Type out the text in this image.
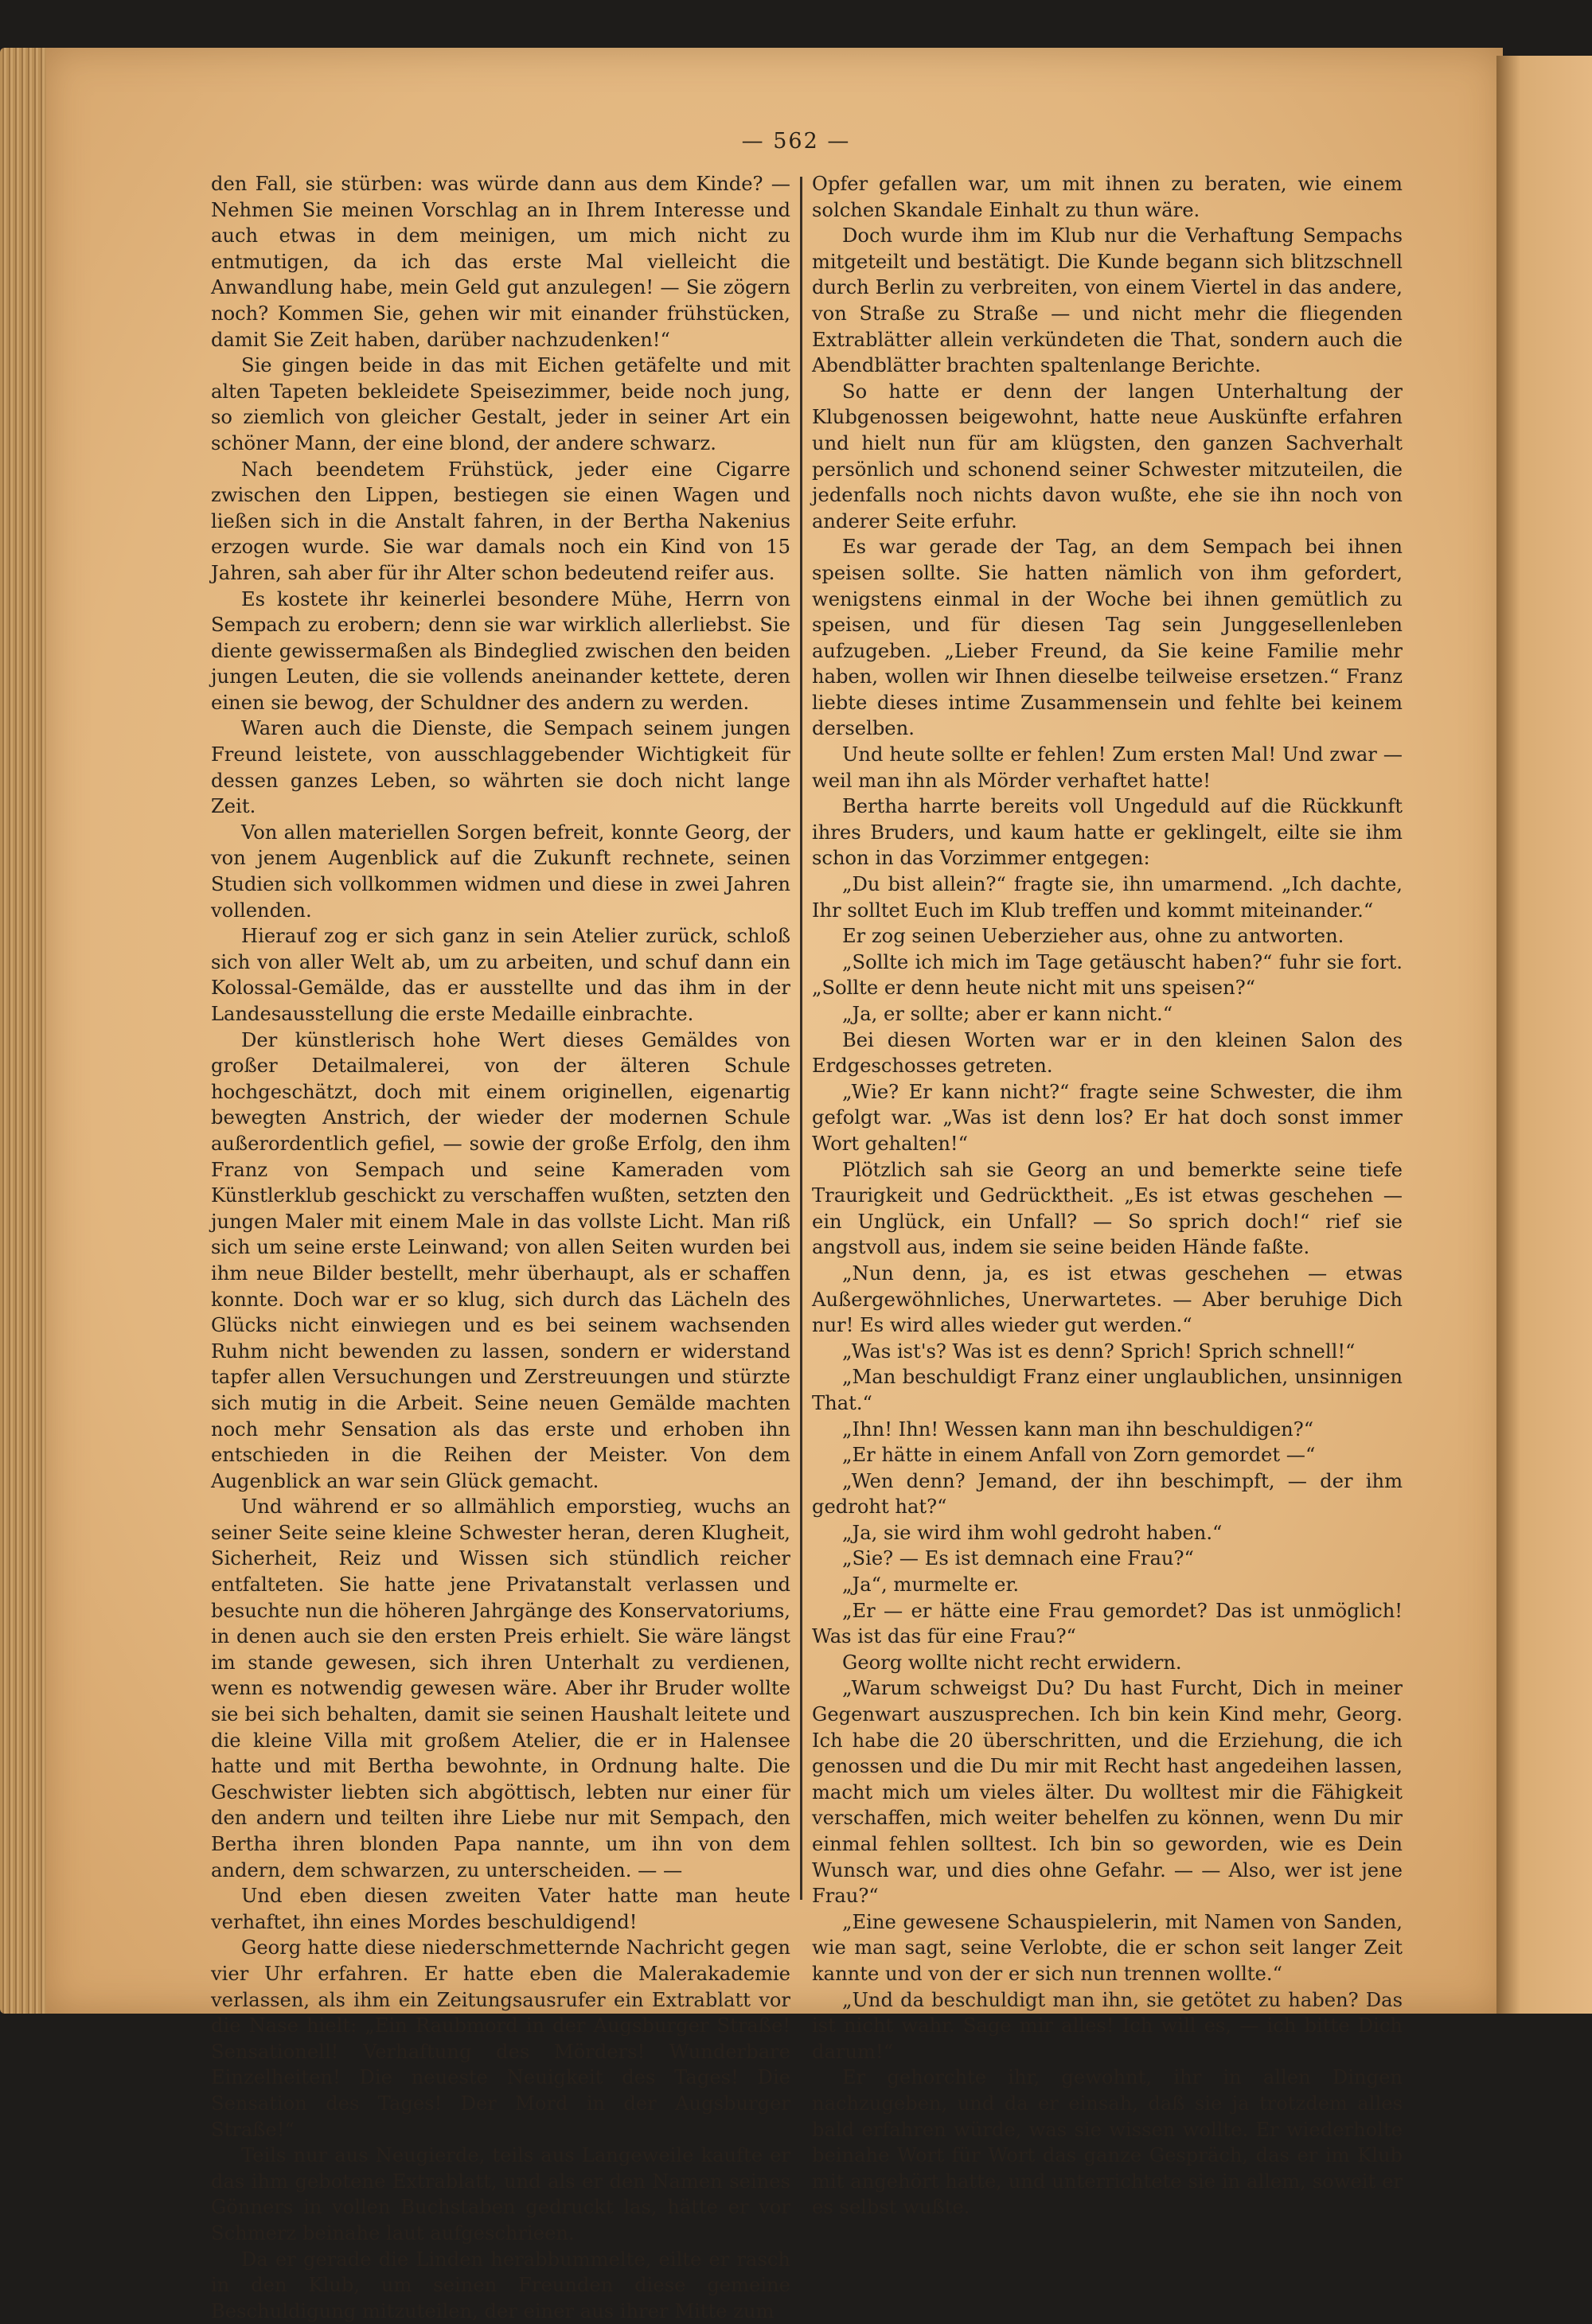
— 562 —

den Fall, sie stürben: was würde dann aus dem Kinde? — Nehmen Sie meinen Vorschlag an in Ihrem Interesse und auch etwas in dem meinigen, um mich nicht zu entmutigen, da ich das erste Mal vielleicht die Anwandlung habe, mein Geld gut anzulegen! — Sie zögern noch? Kommen Sie, gehen wir mit einander frühstücken, damit Sie Zeit haben, darüber nachzudenken!“

Sie gingen beide in das mit Eichen getäfelte und mit alten Tapeten bekleidete Speisezimmer, beide noch jung, so ziemlich von gleicher Gestalt, jeder in seiner Art ein schöner Mann, der eine blond, der andere schwarz.

Nach beendetem Frühstück, jeder eine Cigarre zwischen den Lippen, bestiegen sie einen Wagen und ließen sich in die Anstalt fahren, in der Bertha Nakenius erzogen wurde. Sie war damals noch ein Kind von 15 Jahren, sah aber für ihr Alter schon bedeutend reifer aus.

Es kostete ihr keinerlei besondere Mühe, Herrn von Sempach zu erobern; denn sie war wirklich allerliebst. Sie diente gewissermaßen als Bindeglied zwischen den beiden jungen Leuten, die sie vollends aneinander kettete, deren einen sie bewog, der Schuldner des andern zu werden.

Waren auch die Dienste, die Sempach seinem jungen Freund leistete, von ausschlaggebender Wichtigkeit für dessen ganzes Leben, so währten sie doch nicht lange Zeit.

Von allen materiellen Sorgen befreit, konnte Georg, der von jenem Augenblick auf die Zukunft rechnete, seinen Studien sich vollkommen widmen und diese in zwei Jahren vollenden.

Hierauf zog er sich ganz in sein Atelier zurück, schloß sich von aller Welt ab, um zu arbeiten, und schuf dann ein Kolossal-Gemälde, das er ausstellte und das ihm in der Landesausstellung die erste Medaille einbrachte.

Der künstlerisch hohe Wert dieses Gemäldes von großer Detailmalerei, von der älteren Schule hochgeschätzt, doch mit einem originellen, eigenartig bewegten Anstrich, der wieder der modernen Schule außerordentlich gefiel, — sowie der große Erfolg, den ihm Franz von Sempach und seine Kameraden vom Künstlerklub geschickt zu verschaffen wußten, setzten den jungen Maler mit einem Male in das vollste Licht. Man riß sich um seine erste Leinwand; von allen Seiten wurden bei ihm neue Bilder bestellt, mehr überhaupt, als er schaffen konnte. Doch war er so klug, sich durch das Lächeln des Glücks nicht einwiegen und es bei seinem wachsenden Ruhm nicht bewenden zu lassen, sondern er widerstand tapfer allen Versuchungen und Zerstreuungen und stürzte sich mutig in die Arbeit. Seine neuen Gemälde machten noch mehr Sensation als das erste und erhoben ihn entschieden in die Reihen der Meister. Von dem Augenblick an war sein Glück gemacht.

Und während er so allmählich emporstieg, wuchs an seiner Seite seine kleine Schwester heran, deren Klugheit, Sicherheit, Reiz und Wissen sich stündlich reicher entfalteten. Sie hatte jene Privatanstalt verlassen und besuchte nun die höheren Jahrgänge des Konservatoriums, in denen auch sie den ersten Preis erhielt. Sie wäre längst im stande gewesen, sich ihren Unterhalt zu verdienen, wenn es notwendig gewesen wäre. Aber ihr Bruder wollte sie bei sich behalten, damit sie seinen Haushalt leitete und die kleine Villa mit großem Atelier, die er in Halensee hatte und mit Bertha bewohnte, in Ordnung halte. Die Geschwister liebten sich abgöttisch, lebten nur einer für den andern und teilten ihre Liebe nur mit Sempach, den Bertha ihren blonden Papa nannte, um ihn von dem andern, dem schwarzen, zu unterscheiden. — —

Und eben diesen zweiten Vater hatte man heute verhaftet, ihn eines Mordes beschuldigend!

Georg hatte diese niederschmetternde Nachricht gegen vier Uhr erfahren. Er hatte eben die Malerakademie verlassen, als ihm ein Zeitungsausrufer ein Extrablatt vor die Nase hielt: „Ein Raubmord in der Augsburger Straße! Sensationell! Verhaftung des Mörders! Wunderbare Einzelheiten! Die neueste Neuigkeit des Tages! Die Sensation des Tages! Der Mord in der Augsburger Straße!“

Teils nur aus Neugierde, teils aus Langeweile kaufte er das ihm gebotene Extrablatt, und als er den Namen seines Gönners in vollen Buchstaben gedruckt las, hätte er vor Schmerz beinahe laut aufgeschrieen.

Da er gerade die Linden herabbummelte, eilte er rasch in den Klub, um seinen Freunden diese gemeine Beschuldigung mitzuteilen, der einer aus ihrer Mitte zum

Opfer gefallen war, um mit ihnen zu beraten, wie einem solchen Skandale Einhalt zu thun wäre.

Doch wurde ihm im Klub nur die Verhaftung Sempachs mitgeteilt und bestätigt. Die Kunde begann sich blitzschnell durch Berlin zu verbreiten, von einem Viertel in das andere, von Straße zu Straße — und nicht mehr die fliegenden Extrablätter allein verkündeten die That, sondern auch die Abendblätter brachten spaltenlange Berichte.

So hatte er denn der langen Unterhaltung der Klubgenossen beigewohnt, hatte neue Auskünfte erfahren und hielt nun für am klügsten, den ganzen Sachverhalt persönlich und schonend seiner Schwester mitzuteilen, die jedenfalls noch nichts davon wußte, ehe sie ihn noch von anderer Seite erfuhr.

Es war gerade der Tag, an dem Sempach bei ihnen speisen sollte. Sie hatten nämlich von ihm gefordert, wenigstens einmal in der Woche bei ihnen gemütlich zu speisen, und für diesen Tag sein Junggesellenleben aufzugeben. „Lieber Freund, da Sie keine Familie mehr haben, wollen wir Ihnen dieselbe teilweise ersetzen.“ Franz liebte dieses intime Zusammensein und fehlte bei keinem derselben.

Und heute sollte er fehlen! Zum ersten Mal! Und zwar — weil man ihn als Mörder verhaftet hatte!

Bertha harrte bereits voll Ungeduld auf die Rückkunft ihres Bruders, und kaum hatte er geklingelt, eilte sie ihm schon in das Vorzimmer entgegen:

„Du bist allein?“ fragte sie, ihn umarmend. „Ich dachte, Ihr solltet Euch im Klub treffen und kommt miteinander.“

Er zog seinen Ueberzieher aus, ohne zu antworten.

„Sollte ich mich im Tage getäuscht haben?“ fuhr sie fort. „Sollte er denn heute nicht mit uns speisen?“

„Ja, er sollte; aber er kann nicht.“

Bei diesen Worten war er in den kleinen Salon des Erdgeschosses getreten.

„Wie? Er kann nicht?“ fragte seine Schwester, die ihm gefolgt war. „Was ist denn los? Er hat doch sonst immer Wort gehalten!“

Plötzlich sah sie Georg an und bemerkte seine tiefe Traurigkeit und Gedrücktheit. „Es ist etwas geschehen — ein Unglück, ein Unfall? — So sprich doch!“ rief sie angstvoll aus, indem sie seine beiden Hände faßte.

„Nun denn, ja, es ist etwas geschehen — etwas Außergewöhnliches, Unerwartetes. — Aber beruhige Dich nur! Es wird alles wieder gut werden.“

„Was ist's? Was ist es denn? Sprich! Sprich schnell!“

„Man beschuldigt Franz einer unglaublichen, unsinnigen That.“

„Ihn! Ihn! Wessen kann man ihn beschuldigen?“

„Er hätte in einem Anfall von Zorn gemordet —“

„Wen denn? Jemand, der ihn beschimpft, — der ihm gedroht hat?“

„Ja, sie wird ihm wohl gedroht haben.“

„Sie? — Es ist demnach eine Frau?“

„Ja“, murmelte er.

„Er — er hätte eine Frau gemordet? Das ist unmöglich! Was ist das für eine Frau?“

Georg wollte nicht recht erwidern.

„Warum schweigst Du? Du hast Furcht, Dich in meiner Gegenwart auszusprechen. Ich bin kein Kind mehr, Georg. Ich habe die 20 überschritten, und die Erziehung, die ich genossen und die Du mir mit Recht hast angedeihen lassen, macht mich um vieles älter. Du wolltest mir die Fähigkeit verschaffen, mich weiter behelfen zu können, wenn Du mir einmal fehlen solltest. Ich bin so geworden, wie es Dein Wunsch war, und dies ohne Gefahr. — — Also, wer ist jene Frau?“

„Eine gewesene Schauspielerin, mit Namen von Sanden, wie man sagt, seine Verlobte, die er schon seit langer Zeit kannte und von der er sich nun trennen wollte.“

„Und da beschuldigt man ihn, sie getötet zu haben? Das ist nicht wahr. Sage mir alles! Ich will es, — ich bitte Dich darum!“

Er gehorchte ihr, gewohnt, ihr in allen Dingen nachzugeben, und da er einsah, daß sie ja trotzdem alles bald erfahren würde, was sie wissen wollte. Er wiederholte beinahe Wort für Wort das ganze Gespräch, das er im Klub mit angehört hatte, und unterrichtete sie in allem, soweit er es selbst wußte.
